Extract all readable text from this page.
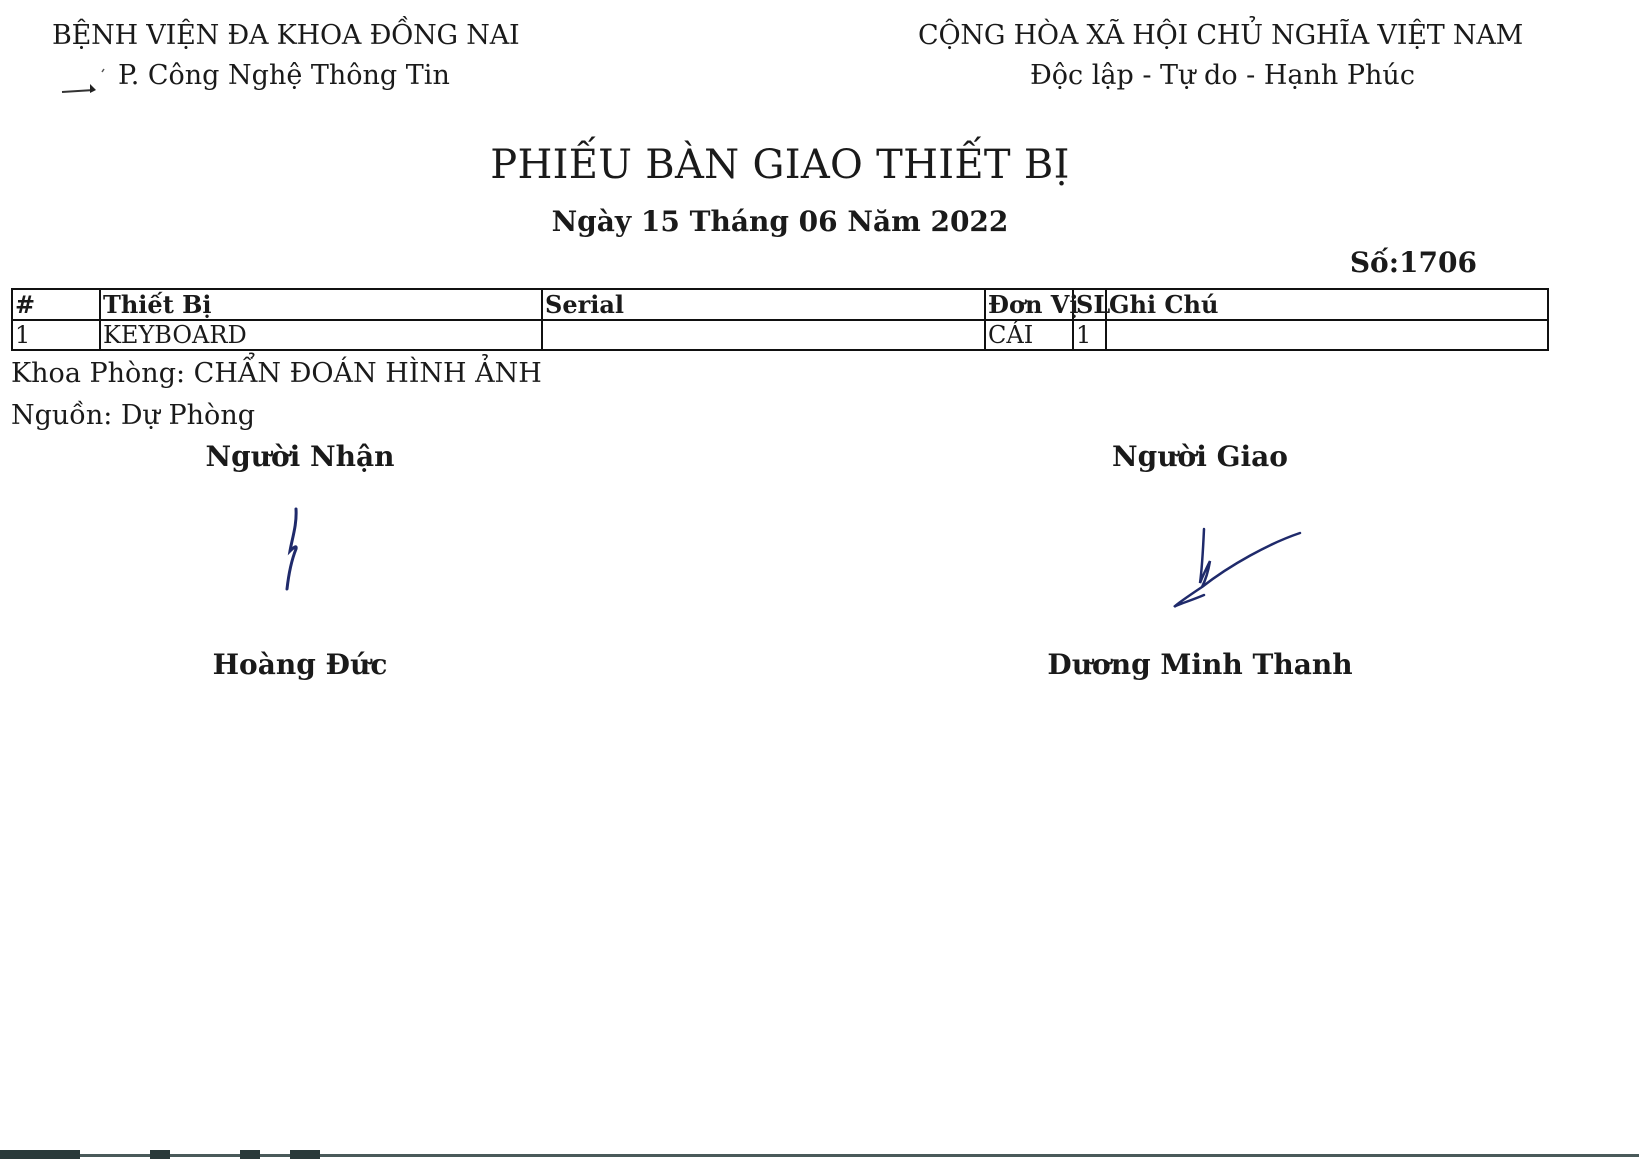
BỆNH VIỆN ĐA KHOA ĐỒNG NAI
P. Công Nghệ Thông Tin
CỘNG HÒA XÃ HỘI CHỦ NGHĨA VIỆT NAM
Độc lập - Tự do - Hạnh Phúc
PHIẾU BÀN GIAO THIẾT BỊ
Ngày 15 Tháng 06 Năm 2022
Số:1706
#	Thiết Bị	Serial	Đơn Vị	SL	Ghi Chú
1	KEYBOARD		CÁI	1	
Khoa Phòng: CHẨN ĐOÁN HÌNH ẢNH
Nguồn: Dự Phòng
Người Nhận	Người Giao
Hoàng Đức	Dương Minh Thanh
